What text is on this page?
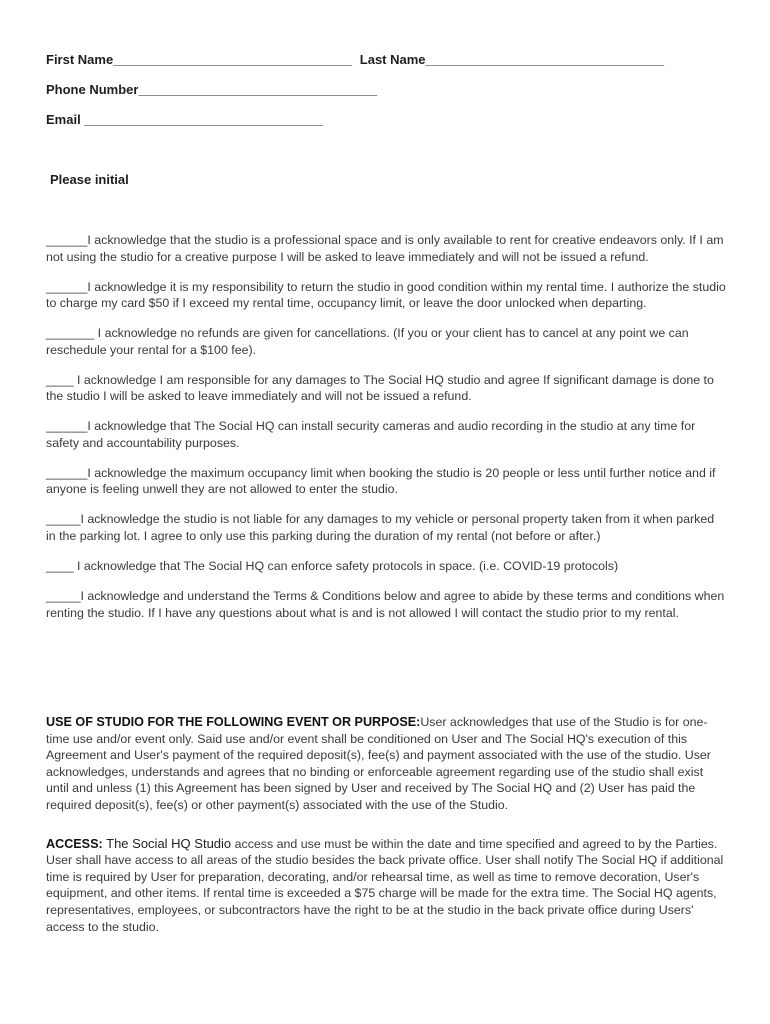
First Name_________________________________ Last Name_________________________________
Phone Number_________________________________
Email _________________________________
Please initial

______I acknowledge that the studio is a professional space and is only available to rent for creative endeavors only. If I am not using the studio for a creative purpose I will be asked to leave immediately and will not be issued a refund.

______I acknowledge it is my responsibility to return the studio in good condition within my rental time. I authorize the studio to charge my card $50 if I exceed my rental time, occupancy limit, or leave the door unlocked when departing.

_______ I acknowledge no refunds are given for cancellations. (If you or your client has to cancel at any point we can reschedule your rental for a $100 fee).

____ I acknowledge I am responsible for any damages to The Social HQ studio and agree If significant damage is done to the studio I will be asked to leave immediately and will not be issued a refund.

______I acknowledge that The Social HQ can install security cameras and audio recording in the studio at any time for safety and accountability purposes.

______I acknowledge the maximum occupancy limit when booking the studio is 20 people or less until further notice and if anyone is feeling unwell they are not allowed to enter the studio.

_____I acknowledge the studio is not liable for any damages to my vehicle or personal property taken from it when parked in the parking lot. I agree to only use this parking during the duration of my rental (not before or after.)

____ I acknowledge that The Social HQ can enforce safety protocols in space. (i.e. COVID-19 protocols)

_____I acknowledge and understand the Terms & Conditions below and agree to abide by these terms and conditions when renting the studio. If I have any questions about what is and is not allowed I will contact the studio prior to my rental.

USE OF STUDIO FOR THE FOLLOWING EVENT OR PURPOSE:User acknowledges that use of the Studio is for one-time use and/or event only. Said use and/or event shall be conditioned on User and The Social HQ's execution of this Agreement and User's payment of the required deposit(s), fee(s) and payment associated with the use of the studio. User acknowledges, understands and agrees that no binding or enforceable agreement regarding use of the studio shall exist until and unless (1) this Agreement has been signed by User and received by The Social HQ and (2) User has paid the required deposit(s), fee(s) or other payment(s) associated with the use of the Studio.

ACCESS: The Social HQ Studio access and use must be within the date and time specified and agreed to by the Parties. User shall have access to all areas of the studio besides the back private office. User shall notify The Social HQ if additional time is required by User for preparation, decorating, and/or rehearsal time, as well as time to remove decoration, User's equipment, and other items. If rental time is exceeded a $75 charge will be made for the extra time. The Social HQ agents, representatives, employees, or subcontractors have the right to be at the studio in the back private office during Users' access to the studio.
